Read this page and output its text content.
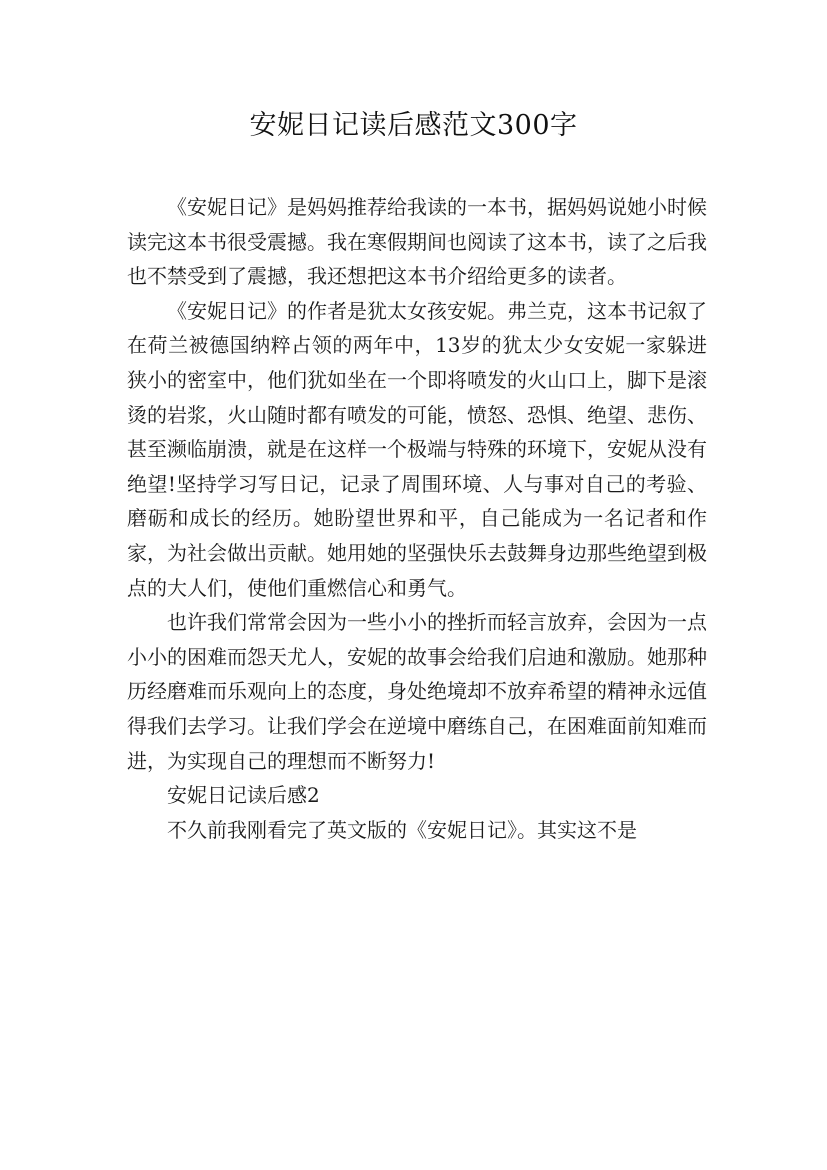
安妮日记读后感范文300字

《安妮日记》是妈妈推荐给我读的一本书，据妈妈说她小时候读完这本书很受震撼。我在寒假期间也阅读了这本书，读了之后我也不禁受到了震撼，我还想把这本书介绍给更多的读者。

《安妮日记》的作者是犹太女孩安妮。弗兰克，这本书记叙了在荷兰被德国纳粹占领的两年中，13岁的犹太少女安妮一家躲进狭小的密室中，他们犹如坐在一个即将喷发的火山口上，脚下是滚烫的岩浆，火山随时都有喷发的可能，愤怒、恐惧、绝望、悲伤、甚至濒临崩溃，就是在这样一个极端与特殊的环境下，安妮从没有绝望!坚持学习写日记，记录了周围环境、人与事对自己的考验、磨砺和成长的经历。她盼望世界和平，自己能成为一名记者和作家，为社会做出贡献。她用她的坚强快乐去鼓舞身边那些绝望到极点的大人们，使他们重燃信心和勇气。

也许我们常常会因为一些小小的挫折而轻言放弃，会因为一点小小的困难而怨天尤人，安妮的故事会给我们启迪和激励。她那种历经磨难而乐观向上的态度，身处绝境却不放弃希望的精神永远值得我们去学习。让我们学会在逆境中磨练自己，在困难面前知难而进，为实现自己的理想而不断努力!

安妮日记读后感2

不久前我刚看完了英文版的《安妮日记》。其实这不是
